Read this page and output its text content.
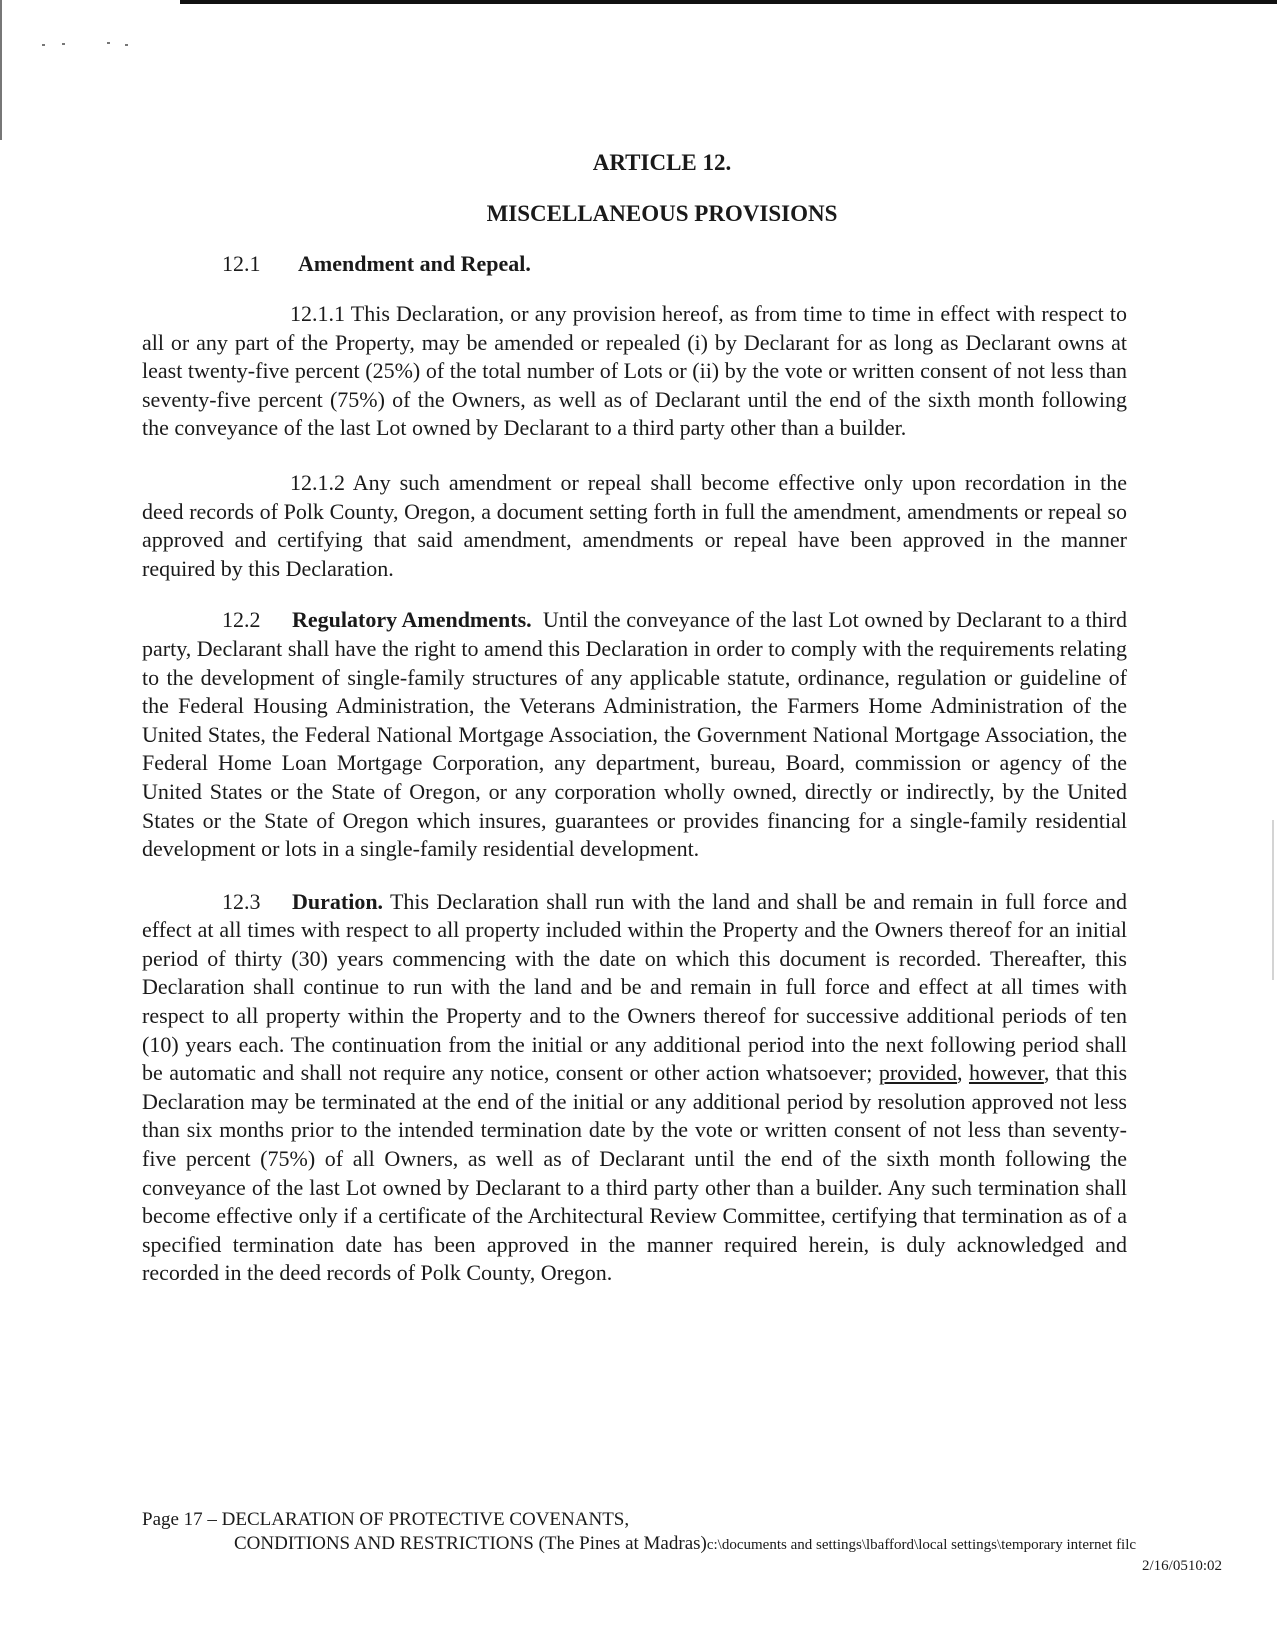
ARTICLE 12.
MISCELLANEOUS PROVISIONS
12.1 Amendment and Repeal.

12.1.1 This Declaration, or any provision hereof, as from time to time in effect with respect to all or any part of the Property, may be amended or repealed (i) by Declarant for as long as Declarant owns at least twenty-five percent (25%) of the total number of Lots or (ii) by the vote or written consent of not less than seventy-five percent (75%) of the Owners, as well as of Declarant until the end of the sixth month following the conveyance of the last Lot owned by Declarant to a third party other than a builder.

12.1.2 Any such amendment or repeal shall become effective only upon recordation in the deed records of Polk County, Oregon, a document setting forth in full the amendment, amendments or repeal so approved and certifying that said amendment, amendments or repeal have been approved in the manner required by this Declaration.

12.2 Regulatory Amendments. Until the conveyance of the last Lot owned by Declarant to a third party, Declarant shall have the right to amend this Declaration in order to comply with the requirements relating to the development of single-family structures of any applicable statute, ordinance, regulation or guideline of the Federal Housing Administration, the Veterans Administration, the Farmers Home Administration of the United States, the Federal National Mortgage Association, the Government National Mortgage Association, the Federal Home Loan Mortgage Corporation, any department, bureau, Board, commission or agency of the United States or the State of Oregon, or any corporation wholly owned, directly or indirectly, by the United States or the State of Oregon which insures, guarantees or provides financing for a single-family residential development or lots in a single-family residential development.

12.3 Duration. This Declaration shall run with the land and shall be and remain in full force and effect at all times with respect to all property included within the Property and the Owners thereof for an initial period of thirty (30) years commencing with the date on which this document is recorded. Thereafter, this Declaration shall continue to run with the land and be and remain in full force and effect at all times with respect to all property within the Property and to the Owners thereof for successive additional periods of ten (10) years each. The continuation from the initial or any additional period into the next following period shall be automatic and shall not require any notice, consent or other action whatsoever; provided, however, that this Declaration may be terminated at the end of the initial or any additional period by resolution approved not less than six months prior to the intended termination date by the vote or written consent of not less than seventy-five percent (75%) of all Owners, as well as of Declarant until the end of the sixth month following the conveyance of the last Lot owned by Declarant to a third party other than a builder. Any such termination shall become effective only if a certificate of the Architectural Review Committee, certifying that termination as of a specified termination date has been approved in the manner required herein, is duly acknowledged and recorded in the deed records of Polk County, Oregon.

Page 17 – DECLARATION OF PROTECTIVE COVENANTS,
CONDITIONS AND RESTRICTIONS (The Pines at Madras)c:\documents and settings\lbafford\local settings\temporary internet filc
2/16/0510:02
